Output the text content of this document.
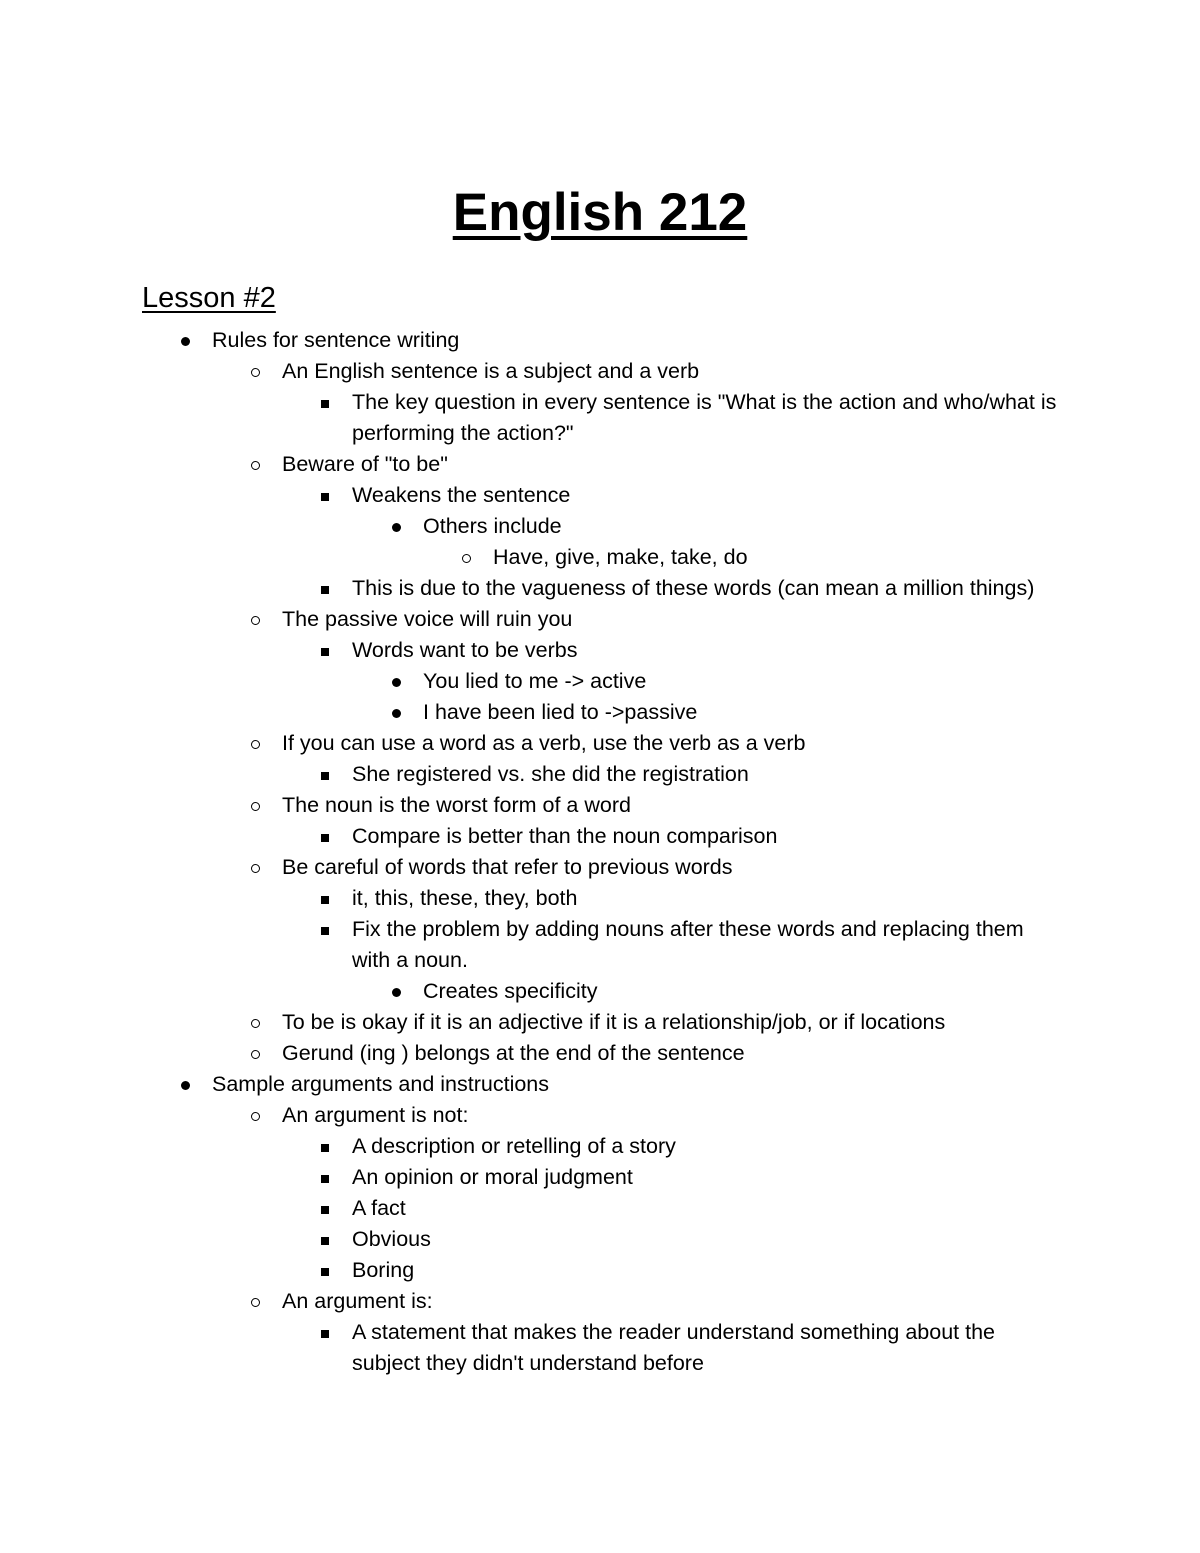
English 212
Lesson #2
Rules for sentence writing
An English sentence is a subject and a verb
The key question in every sentence is "What is the action and who/what is performing the action?"
Beware of "to be"
Weakens the sentence
Others include
Have, give, make, take, do
This is due to the vagueness of these words (can mean a million things)
The passive voice will ruin you
Words want to be verbs
You lied to me -> active
I have been lied to ->passive
If you can use a word as a verb, use the verb as a verb
She registered vs. she did the registration
The noun is the worst form of a word
Compare is better than the noun comparison
Be careful of words that refer to previous words
it, this, these, they, both
Fix the problem by adding nouns after these words and replacing them with a noun.
Creates specificity
To be is okay if it is an adjective if it is a relationship/job, or if locations
Gerund (ing ) belongs at the end of the sentence
Sample arguments and instructions
An argument is not:
A description or retelling of a story
An opinion or moral judgment
A fact
Obvious
Boring
An argument is:
A statement that makes the reader understand something about the subject they didn't understand before
